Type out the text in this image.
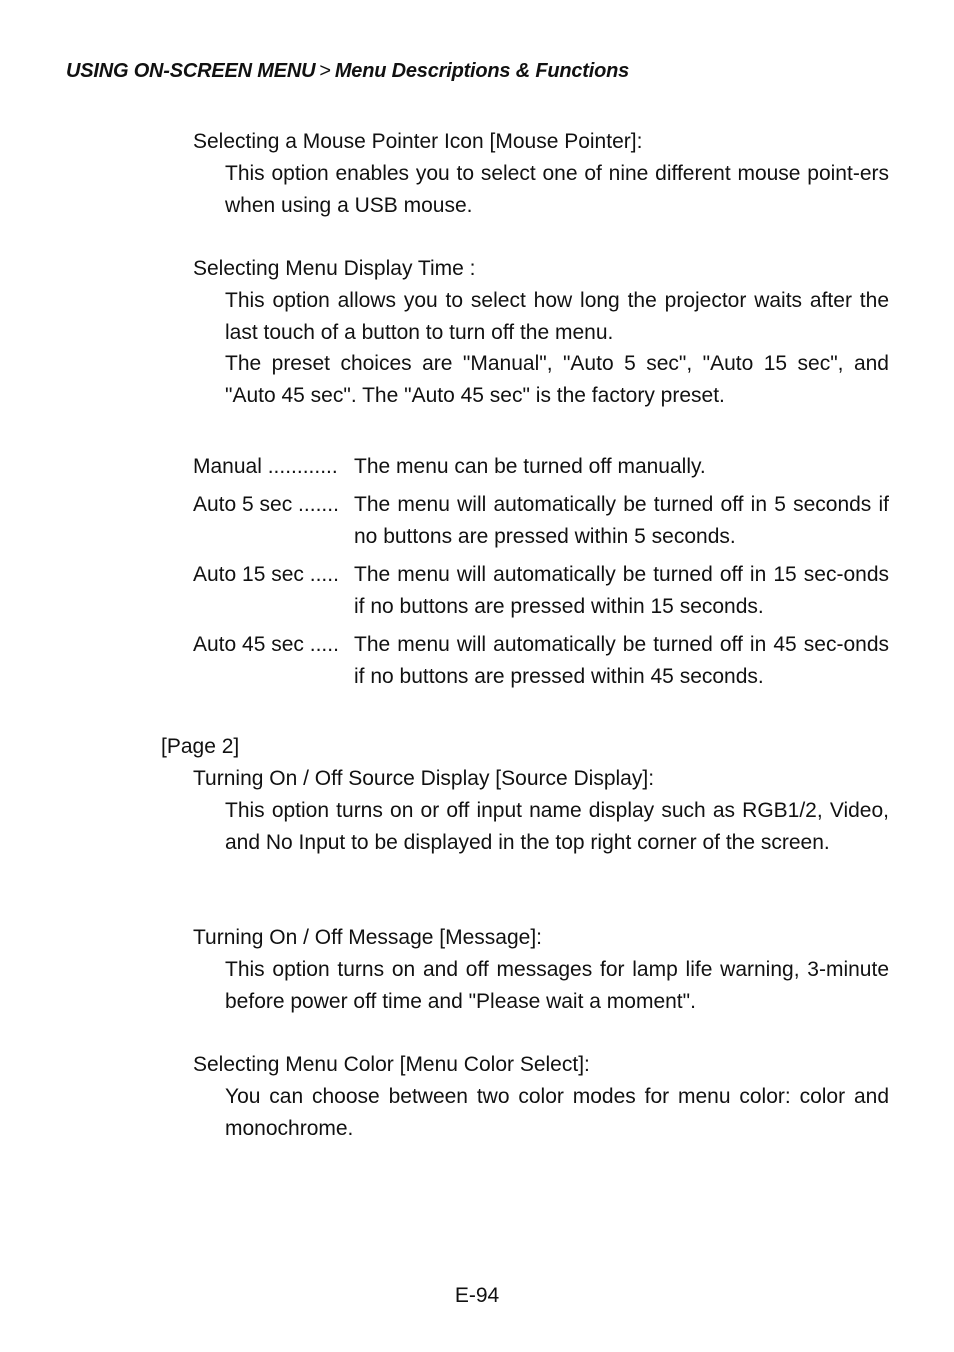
USING ON-SCREEN MENU > Menu Descriptions & Functions
Selecting a Mouse Pointer Icon [Mouse Pointer]:

This option enables you to select one of nine different mouse point-ers when using a USB mouse.

Selecting Menu Display Time :

This option allows you to select how long the projector waits after the last touch of a button to turn off the menu.

The preset choices are "Manual", "Auto 5 sec", "Auto 15 sec", and "Auto 45 sec". The "Auto 45 sec" is the factory preset.

Manual ............ The menu can be turned off manually.
Auto 5 sec ....... The menu will automatically be turned off in 5 seconds if no buttons are pressed within 5 seconds.
Auto 15 sec ..... The menu will automatically be turned off in 15 sec-onds if no buttons are pressed within 15 seconds.
Auto 45 sec ..... The menu will automatically be turned off in 45 sec-onds if no buttons are pressed within 45 seconds.
[Page 2]
Turning On / Off Source Display [Source Display]:

This option turns on or off input name display such as RGB1/2, Video, and No Input to be displayed in the top right corner of the screen.

Turning On / Off Message [Message]:

This option turns on and off messages for lamp life warning, 3-minute before power off time and "Please wait a moment".

Selecting Menu Color [Menu Color Select]:

You can choose between two color modes for menu color: color and monochrome.

E-94
